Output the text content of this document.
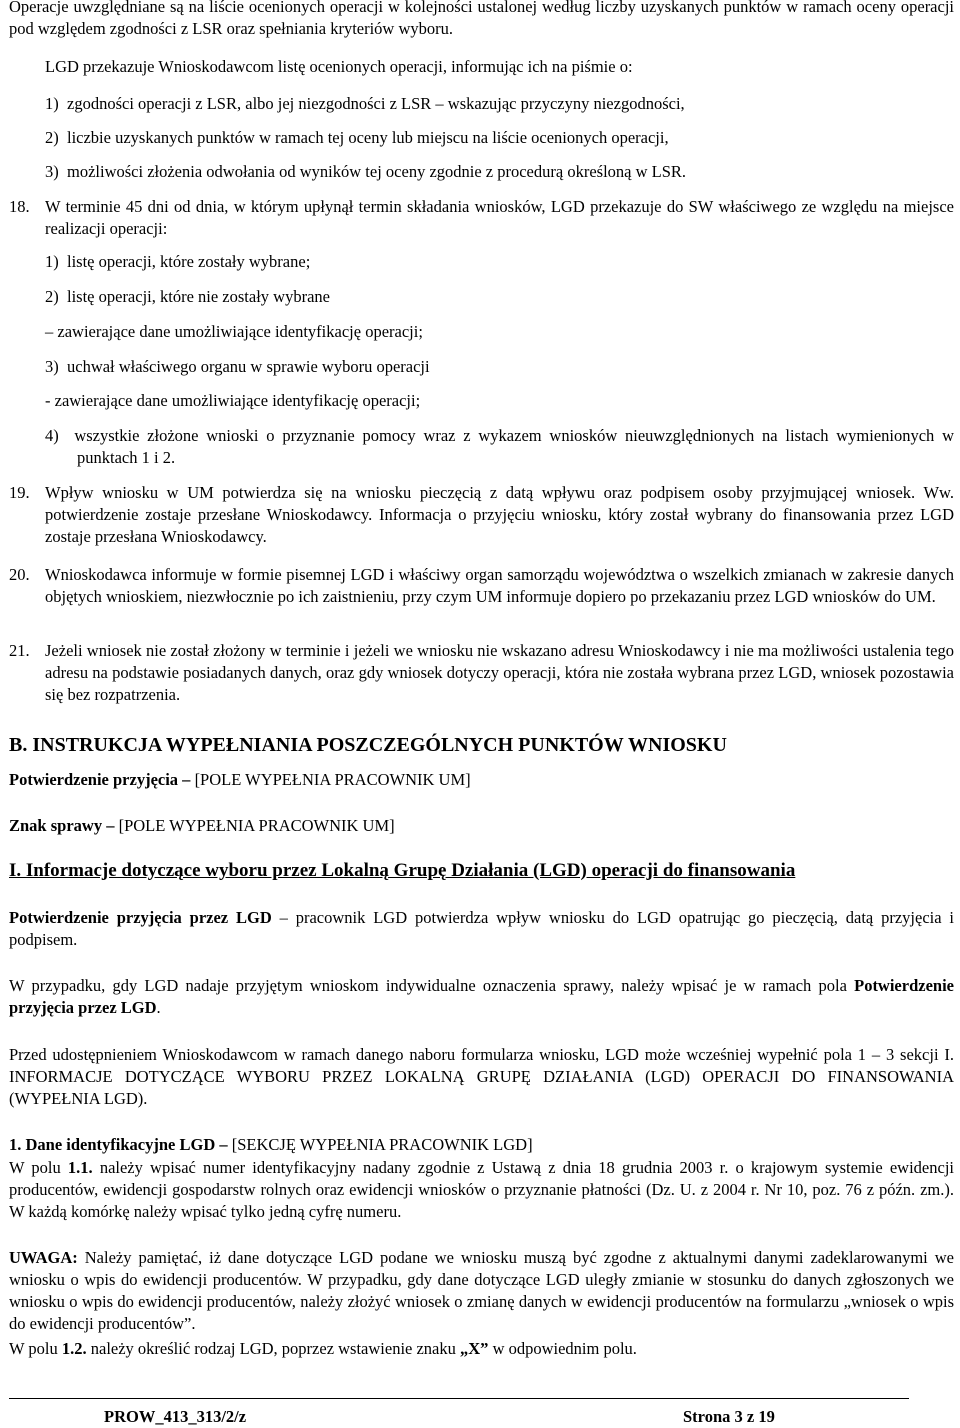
Operacje uwzględniane są na liście ocenionych operacji w kolejności ustalonej według liczby uzyskanych punktów w ramach oceny operacji pod względem zgodności z LSR oraz spełniania kryteriów wyboru.
LGD przekazuje Wnioskodawcom listę ocenionych operacji, informując ich na piśmie o:
1)  zgodności operacji z LSR, albo jej niezgodności z LSR – wskazując przyczyny niezgodności,
2)  liczbie uzyskanych punktów w ramach tej oceny lub miejscu na liście ocenionych operacji,
3)  możliwości złożenia odwołania od wyników tej oceny zgodnie z procedurą określoną w LSR.
18. W terminie 45 dni od dnia, w którym upłynął termin składania wniosków, LGD przekazuje do SW właściwego ze względu na miejsce realizacji operacji:
1)  listę operacji, które zostały wybrane;
2)  listę operacji, które nie zostały wybrane
– zawierające dane umożliwiające identyfikację operacji;
3)  uchwał właściwego organu w sprawie wyboru operacji
- zawierające dane umożliwiające identyfikację operacji;
4)  wszystkie złożone wnioski o przyznanie pomocy wraz z wykazem wniosków nieuwzględnionych na listach wymienionych w punktach 1 i 2.
19. Wpływ wniosku w UM potwierdza się na wniosku pieczęcią z datą wpływu oraz podpisem osoby przyjmującej wniosek. Ww. potwierdzenie zostaje przesłane Wnioskodawcy. Informacja o przyjęciu wniosku, który został wybrany do finansowania przez LGD zostaje przesłana Wnioskodawcy.
20. Wnioskodawca informuje w formie pisemnej LGD i właściwy organ samorządu województwa o wszelkich zmianach w zakresie danych objętych wnioskiem, niezwłocznie po ich zaistnieniu, przy czym UM informuje dopiero po przekazaniu przez LGD wniosków do UM.
21. Jeżeli wniosek nie został złożony w terminie i jeżeli we wniosku nie wskazano adresu Wnioskodawcy i nie ma możliwości ustalenia tego adresu na podstawie posiadanych danych, oraz gdy wniosek dotyczy operacji, która nie została wybrana przez LGD, wniosek pozostawia się bez rozpatrzenia.
B. INSTRUKCJA WYPEŁNIANIA POSZCZEGÓLNYCH PUNKTÓW WNIOSKU
Potwierdzenie przyjęcia – [POLE WYPEŁNIA PRACOWNIK UM]
Znak sprawy – [POLE WYPEŁNIA PRACOWNIK UM]
I. Informacje dotyczące wyboru przez Lokalną Grupę Działania (LGD) operacji do finansowania
Potwierdzenie przyjęcia przez LGD – pracownik LGD potwierdza wpływ wniosku do LGD opatrując go pieczęcią, datą przyjęcia i podpisem.
W przypadku, gdy LGD nadaje przyjętym wnioskom indywidualne oznaczenia sprawy, należy wpisać je w ramach pola Potwierdzenie przyjęcia przez LGD.
Przed udostępnieniem Wnioskodawcom w ramach danego naboru formularza wniosku, LGD może wcześniej wypełnić pola 1 – 3 sekcji I. INFORMACJE DOTYCZĄCE WYBORU PRZEZ LOKALNĄ GRUPĘ DZIAŁANIA (LGD) OPERACJI DO FINANSOWANIA (WYPEŁNIA LGD).
1. Dane identyfikacyjne LGD – [SEKCJĘ WYPEŁNIA PRACOWNIK LGD]
W polu 1.1. należy wpisać numer identyfikacyjny nadany zgodnie z Ustawą z dnia 18 grudnia 2003 r. o krajowym systemie ewidencji producentów, ewidencji gospodarstw rolnych oraz ewidencji wniosków o przyznanie płatności (Dz. U. z 2004 r. Nr 10, poz. 76 z późn. zm.). W każdą komórkę należy wpisać tylko jedną cyfrę numeru.
UWAGA: Należy pamiętać, iż dane dotyczące LGD podane we wniosku muszą być zgodne z aktualnymi danymi zadeklarowanymi we wniosku o wpis do ewidencji producentów. W przypadku, gdy dane dotyczące LGD uległy zmianie w stosunku do danych zgłoszonych we wniosku o wpis do ewidencji producentów, należy złożyć wniosek o zmianę danych w ewidencji producentów na formularzu „wniosek o wpis do ewidencji producentów”.
W polu 1.2. należy określić rodzaj LGD, poprzez wstawienie znaku „X” w odpowiednim polu.
PROW_413_313/2/z	Strona 3 z 19
